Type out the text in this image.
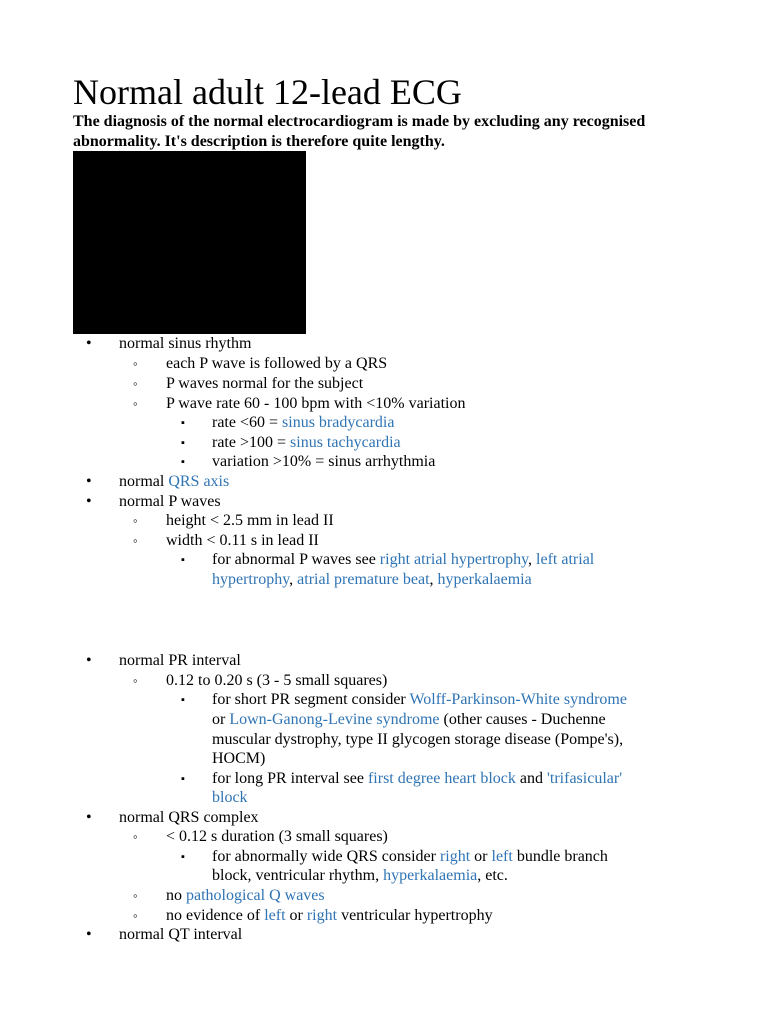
Normal adult 12-lead ECG

The diagnosis of the normal electrocardiogram is made by excluding any recognised abnormality. It's description is therefore quite lengthy.

• normal sinus rhythm
◦ each P wave is followed by a QRS
◦ P waves normal for the subject
◦ P wave rate 60 - 100 bpm with <10% variation
▪ rate <60 = sinus bradycardia
▪ rate >100 = sinus tachycardia
▪ variation >10% = sinus arrhythmia
• normal QRS axis
• normal P waves
◦ height < 2.5 mm in lead II
◦ width < 0.11 s in lead II
▪ for abnormal P waves see right atrial hypertrophy, left atrial
hypertrophy, atrial premature beat, hyperkalaemia
• normal PR interval
◦ 0.12 to 0.20 s (3 - 5 small squares)
▪ for short PR segment consider Wolff-Parkinson-White syndrome
or Lown-Ganong-Levine syndrome (other causes - Duchenne
muscular dystrophy, type II glycogen storage disease (Pompe's),
HOCM)
▪ for long PR interval see first degree heart block and 'trifasicular'
block
• normal QRS complex
◦ < 0.12 s duration (3 small squares)
▪ for abnormally wide QRS consider right or left bundle branch
block, ventricular rhythm, hyperkalaemia, etc.
◦ no pathological Q waves
◦ no evidence of left or right ventricular hypertrophy
• normal QT interval
